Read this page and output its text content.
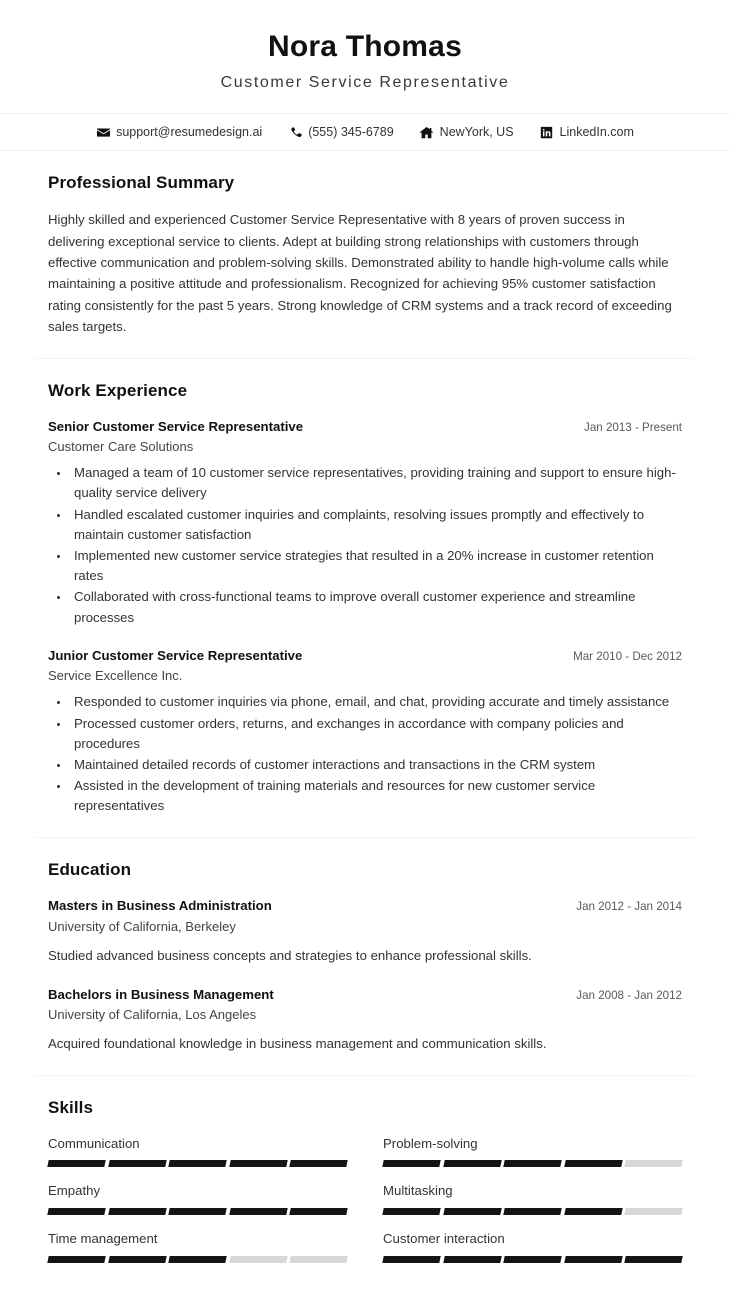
Nora Thomas
Customer Service Representative
support@resumedesign.ai	(555) 345-6789	NewYork, US	LinkedIn.com
Professional Summary

Highly skilled and experienced Customer Service Representative with 8 years of proven success in delivering exceptional service to clients. Adept at building strong relationships with customers through effective communication and problem-solving skills. Demonstrated ability to handle high-volume calls while maintaining a positive attitude and professionalism. Recognized for achieving 95% customer satisfaction rating consistently for the past 5 years. Strong knowledge of CRM systems and a track record of exceeding sales targets.

Work Experience
Senior Customer Service Representative	Jan 2013 - Present
Customer Care Solutions
• Managed a team of 10 customer service representatives, providing training and support to ensure high-quality service delivery
• Handled escalated customer inquiries and complaints, resolving issues promptly and effectively to maintain customer satisfaction
• Implemented new customer service strategies that resulted in a 20% increase in customer retention rates
• Collaborated with cross-functional teams to improve overall customer experience and streamline processes
Junior Customer Service Representative	Mar 2010 - Dec 2012
Service Excellence Inc.
• Responded to customer inquiries via phone, email, and chat, providing accurate and timely assistance
• Processed customer orders, returns, and exchanges in accordance with company policies and procedures
• Maintained detailed records of customer interactions and transactions in the CRM system
• Assisted in the development of training materials and resources for new customer service representatives
Education
Masters in Business Administration	Jan 2012 - Jan 2014
University of California, Berkeley
Studied advanced business concepts and strategies to enhance professional skills.
Bachelors in Business Management	Jan 2008 - Jan 2012
University of California, Los Angeles
Acquired foundational knowledge in business management and communication skills.
Skills
Communication	Problem-solving
Empathy	Multitasking
Time management	Customer interaction
